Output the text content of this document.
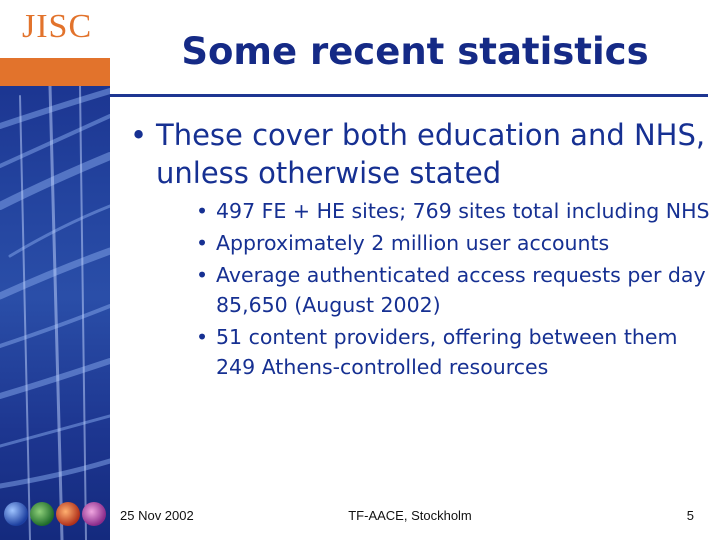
JISC
Some recent statistics
• These cover both education and NHS, unless otherwise stated
• 497 FE + HE sites; 769 sites total including NHS
• Approximately 2 million user accounts
• Average authenticated access requests per day 85,650 (August 2002)
• 51 content providers, offering between them 249 Athens-controlled resources
25 Nov 2002	TF-AACE, Stockholm	5
